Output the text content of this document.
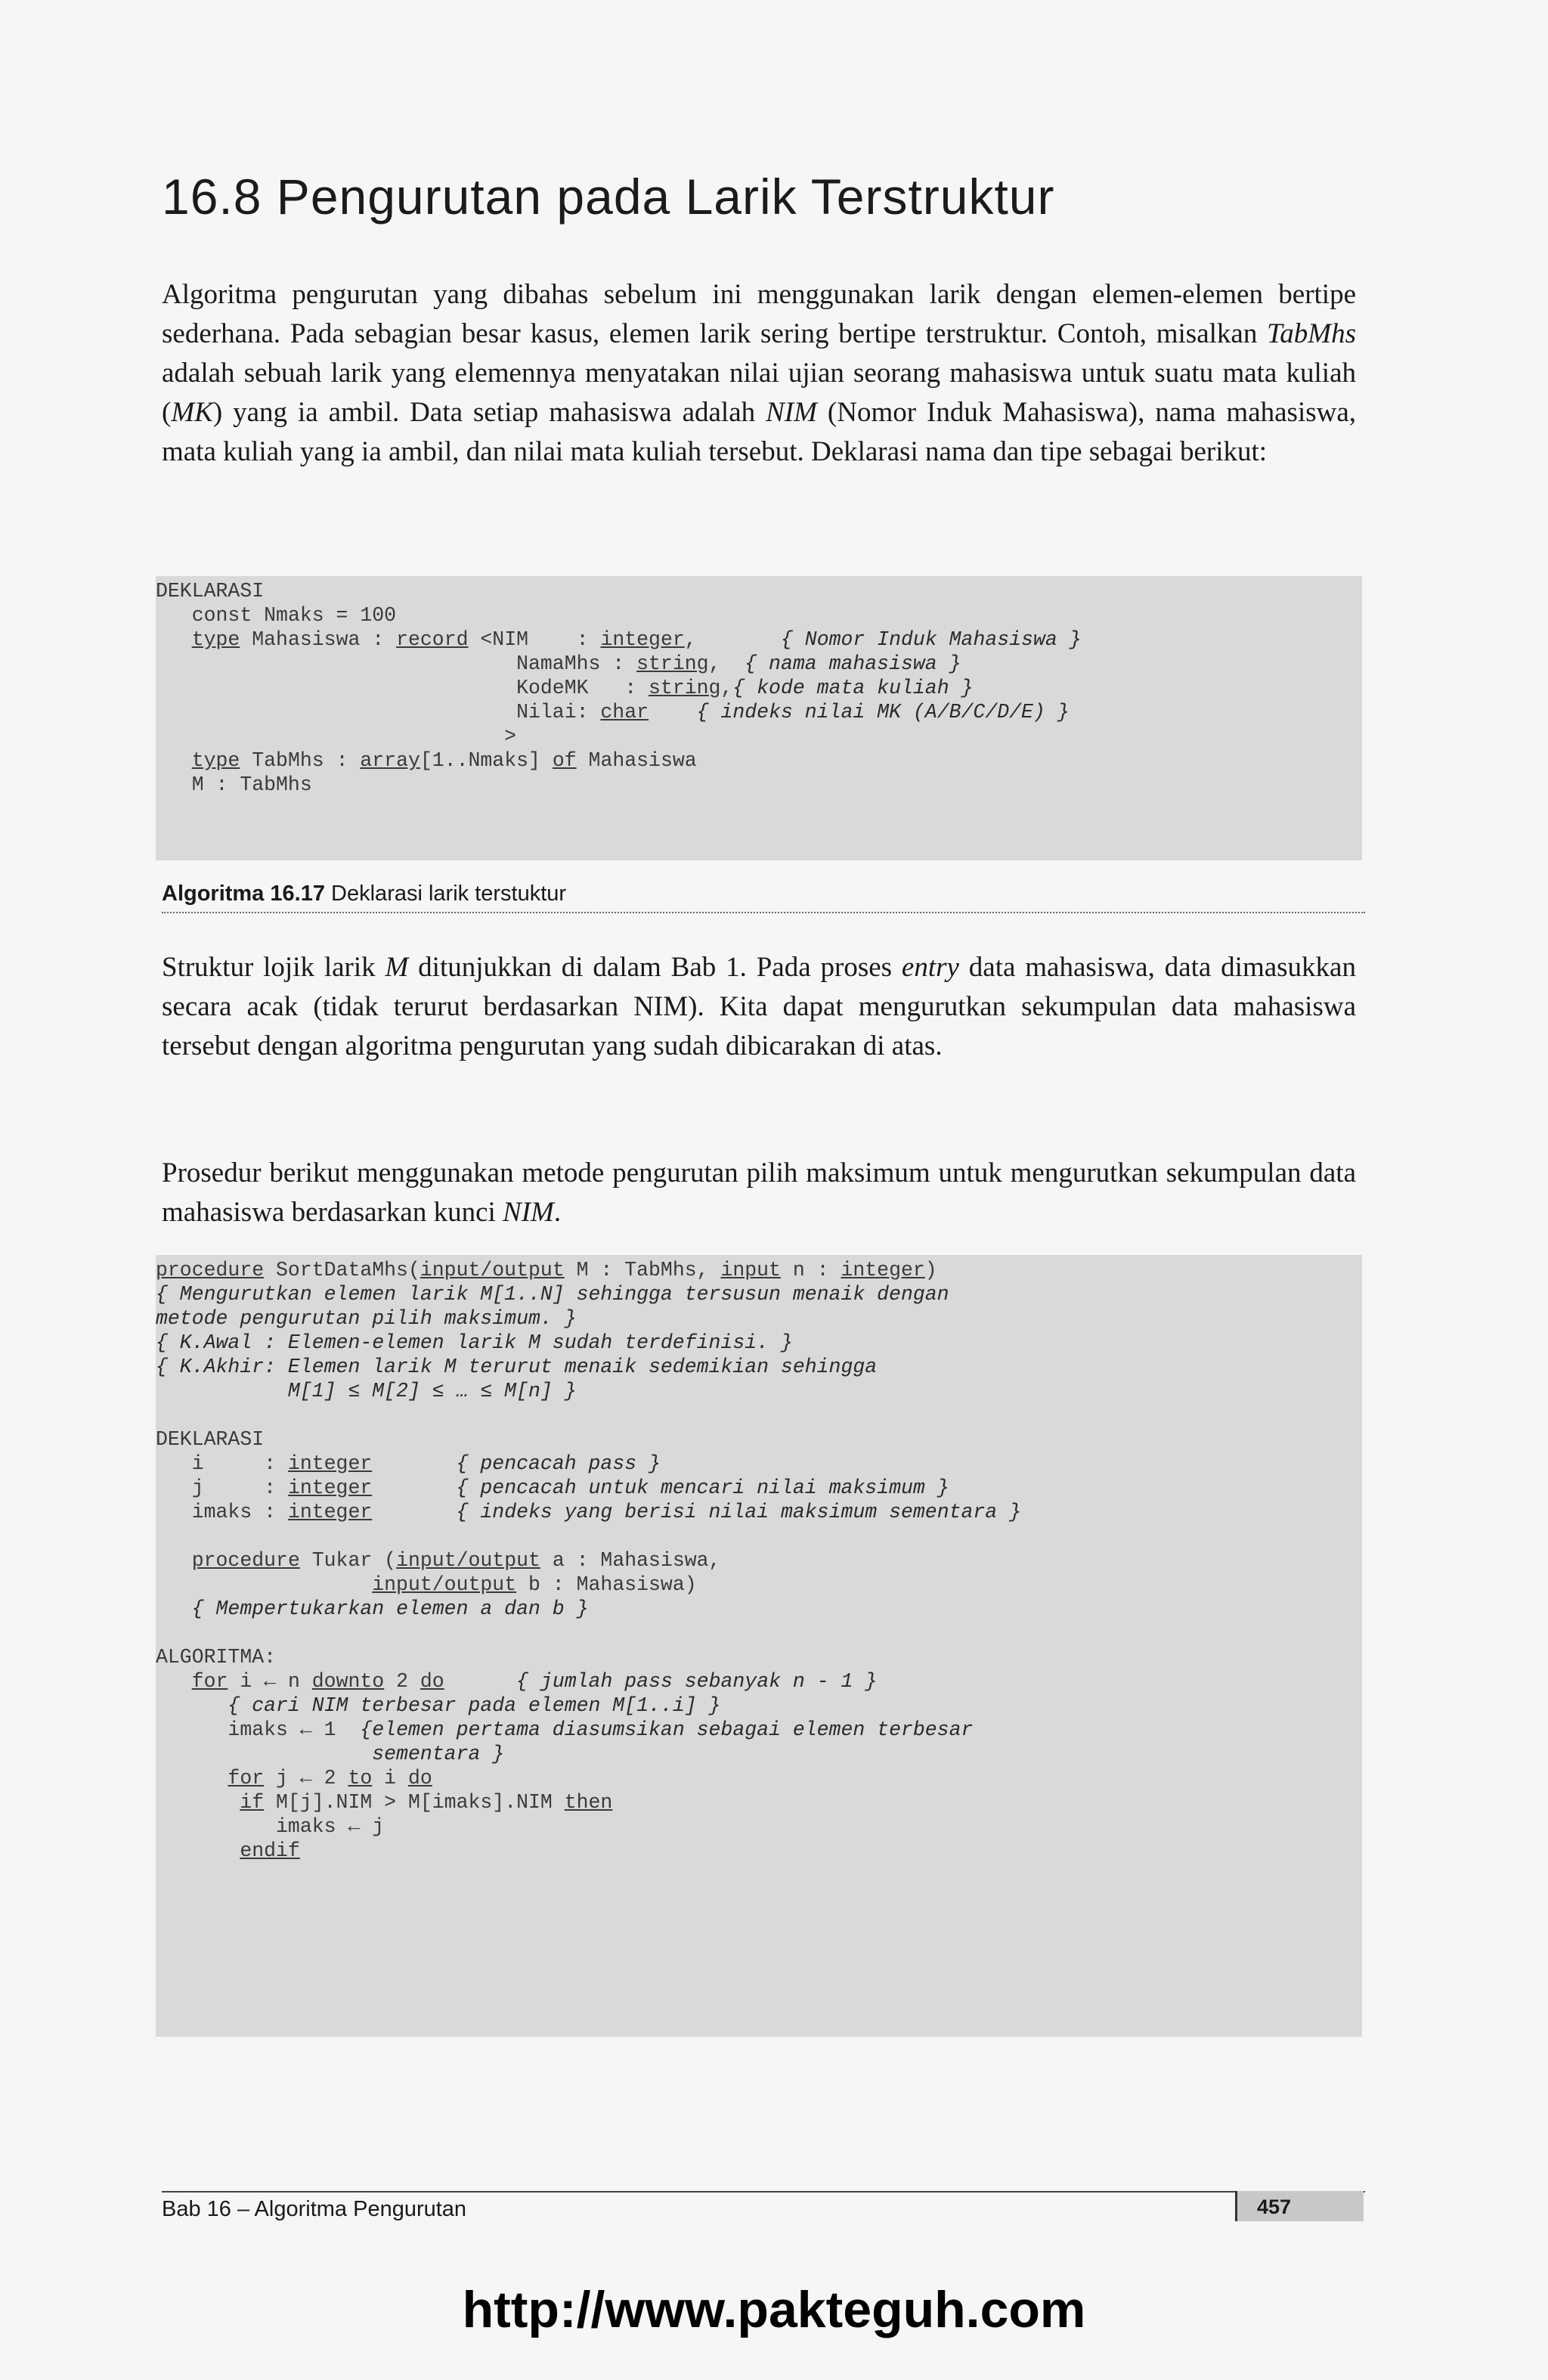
16.8 Pengurutan pada Larik Terstruktur

Algoritma pengurutan yang dibahas sebelum ini menggunakan larik dengan elemen-elemen bertipe sederhana. Pada sebagian besar kasus, elemen larik sering bertipe terstruktur. Contoh, misalkan TabMhs adalah sebuah larik yang elemennya menyatakan nilai ujian seorang mahasiswa untuk suatu mata kuliah (MK) yang ia ambil. Data setiap mahasiswa adalah NIM (Nomor Induk Mahasiswa), nama mahasiswa, mata kuliah yang ia ambil, dan nilai mata kuliah tersebut. Deklarasi nama dan tipe sebagai berikut:

DEKLARASI
const Nmaks = 100
type Mahasiswa : record <NIM    : integer,       { Nomor Induk Mahasiswa }
NamaMhs : string,  { nama mahasiswa }
KodeMK   : string,{ kode mata kuliah }
Nilai: char { indeks nilai MK (A/B/C/D/E) }
>
type TabMhs : array[1..Nmaks] of Mahasiswa
M : TabMhs
Algoritma 16.17 Deklarasi larik terstuktur

Struktur lojik larik M ditunjukkan di dalam Bab 1. Pada proses entry data mahasiswa, data dimasukkan secara acak (tidak terurut berdasarkan NIM). Kita dapat mengurutkan sekumpulan data mahasiswa tersebut dengan algoritma pengurutan yang sudah dibicarakan di atas.

Prosedur berikut menggunakan metode pengurutan pilih maksimum untuk mengurutkan sekumpulan data mahasiswa berdasarkan kunci NIM.

procedure SortDataMhs(input/output M : TabMhs, input n : integer)
{ Mengurutkan elemen larik M[1..N] sehingga tersusun menaik dengan
metode pengurutan pilih maksimum. }
{ K.Awal : Elemen-elemen larik M sudah terdefinisi. }
{ K.Akhir: Elemen larik M terurut menaik sedemikian sehingga
M[1] ≤ M[2] ≤ … ≤ M[n] }
DEKLARASI
i     : integer	{ pencacah pass }
j     : integer	{ pencacah untuk mencari nilai maksimum }
imaks : integer	{ indeks yang berisi nilai maksimum sementara }
procedure Tukar (input/output a : Mahasiswa,
input/output b : Mahasiswa)
{ Mempertukarkan elemen a dan b }
ALGORITMA:
for i ← n downto 2 do	{ jumlah pass sebanyak n - 1 }
{ cari NIM terbesar pada elemen M[1..i] }
imaks ← 1  {elemen pertama diasumsikan sebagai elemen terbesar
sementara }
for j ← 2 to i do
if M[j].NIM > M[imaks].NIM then
imaks ← j
endif
Bab 16 – Algoritma Pengurutan	457
http://www.pakteguh.com
